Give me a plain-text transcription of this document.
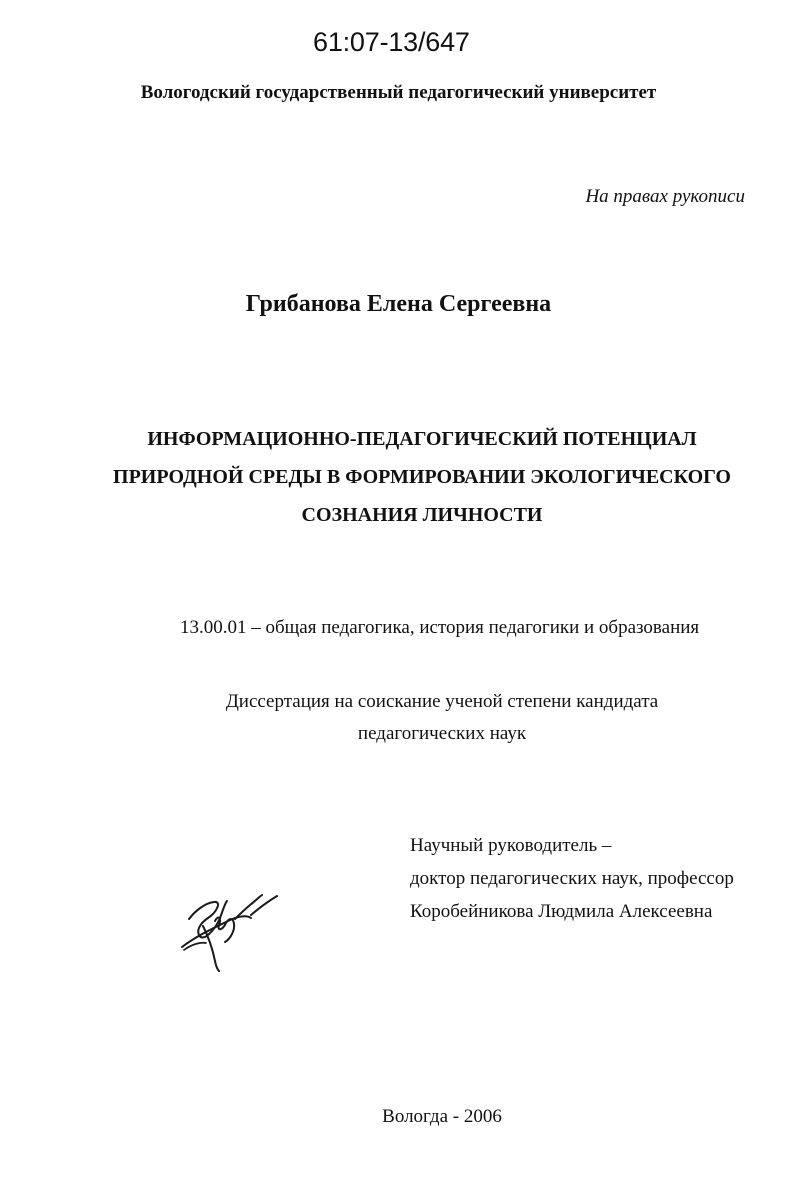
61:07-13/647
Вологодский государственный педагогический университет
На правах рукописи
Грибанова Елена Сергеевна
ИНФОРМАЦИОННО-ПЕДАГОГИЧЕСКИЙ ПОТЕНЦИАЛ
ПРИРОДНОЙ СРЕДЫ В ФОРМИРОВАНИИ ЭКОЛОГИЧЕСКОГО
СОЗНАНИЯ ЛИЧНОСТИ
13.00.01 – общая педагогика, история педагогики и образования
Диссертация на соискание ученой степени кандидата
педагогических наук
Научный руководитель –
доктор педагогических наук, профессор
Коробейникова Людмила Алексеевна
Вологда - 2006
